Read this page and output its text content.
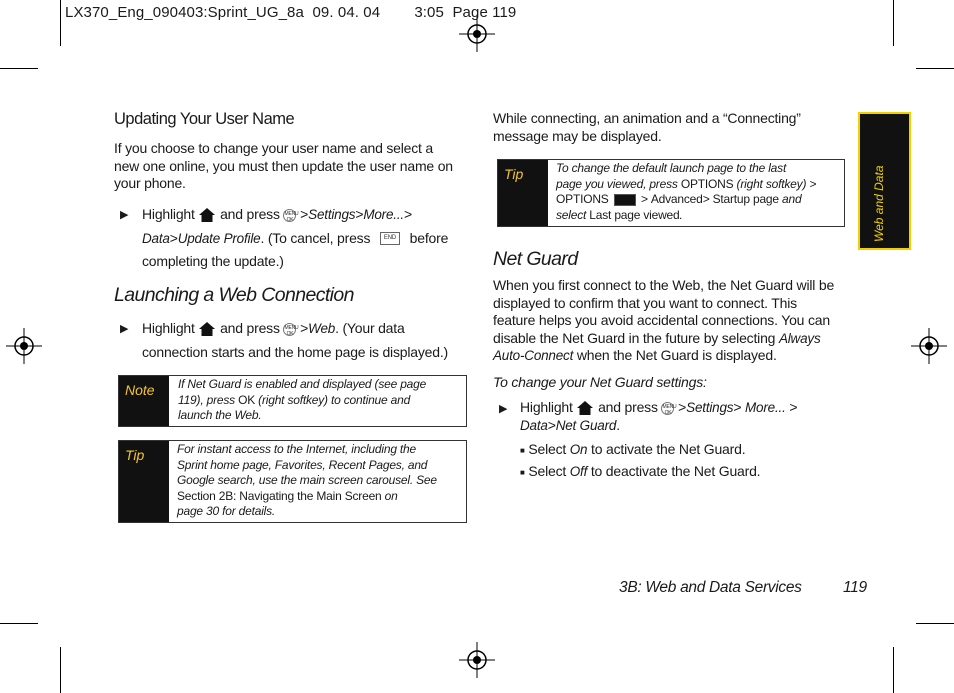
LX370_Eng_090403:Sprint_UG_8a  09. 04. 04        3:05  Page 119
Updating Your User Name
If you choose to change your user name and select a
new one online, you must then update the user name on
your phone.
▶ Highlight and press MENU
OK >Settings>More...>
Data>Update Profile. (To cancel, press END before
completing the update.)
Launching a Web Connection
▶ Highlight and press MENU
OK >Web. (Your data
connection starts and the home page is displayed.)
Note	If Net Guard is enabled and displayed (see page
119), press OK (right softkey) to continue and
launch the Web.
Tip	For instant access to the Internet, including the
Sprint home page, Favorites, Recent Pages, and
Google search, use the main screen carousel. See
Section 2B: Navigating the Main Screen on
page 30 for details.
While connecting, an animation and a “Connecting”
message may be displayed.
Tip	To change the default launch page to the last
page you viewed, press OPTIONS (right softkey) >
OPTIONS  > Advanced> Startup page and
select Last page viewed.
Net Guard
When you first connect to the Web, the Net Guard will be
displayed to confirm that you want to connect. This
feature helps you avoid accidental connections. You can
disable the Net Guard in the future by selecting Always
Auto-Connect when the Net Guard is displayed.
To change your Net Guard settings:
▶ Highlight and press MENU
OK >Settings> More... >
Data>Net Guard.
■ Select On to activate the Net Guard.
■ Select Off to deactivate the Net Guard.
Web and Data
3B: Web and Data Services	119
